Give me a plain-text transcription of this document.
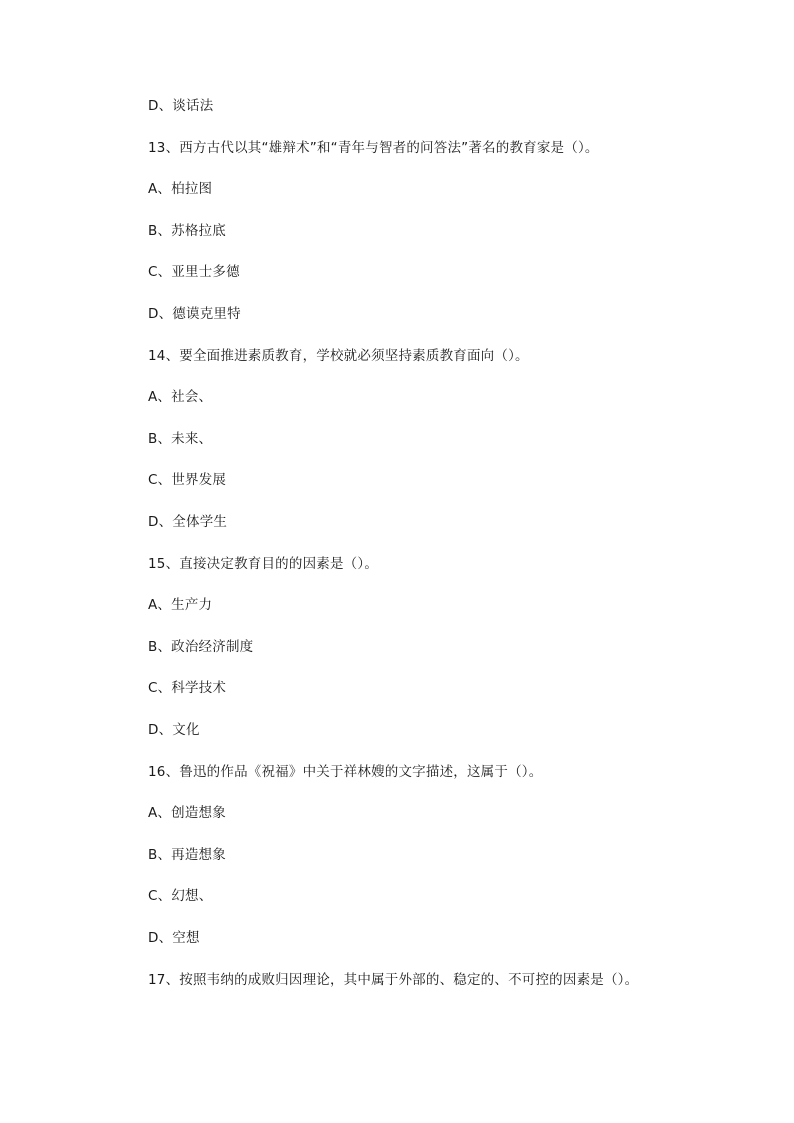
D、谈话法
13、西方古代以其“雄辩术”和“青年与智者的问答法”著名的教育家是（）。
A、柏拉图
B、苏格拉底
C、亚里士多德
D、德谟克里特
14、要全面推进素质教育，学校就必须坚持素质教育面向（）。
A、社会、
B、未来、
C、世界发展
D、全体学生
15、直接决定教育目的的因素是（）。
A、生产力
B、政治经济制度
C、科学技术
D、文化
16、鲁迅的作品《祝福》中关于祥林嫂的文字描述，这属于（）。
A、创造想象
B、再造想象
C、幻想、
D、空想
17、按照韦纳的成败归因理论，其中属于外部的、稳定的、不可控的因素是（）。
